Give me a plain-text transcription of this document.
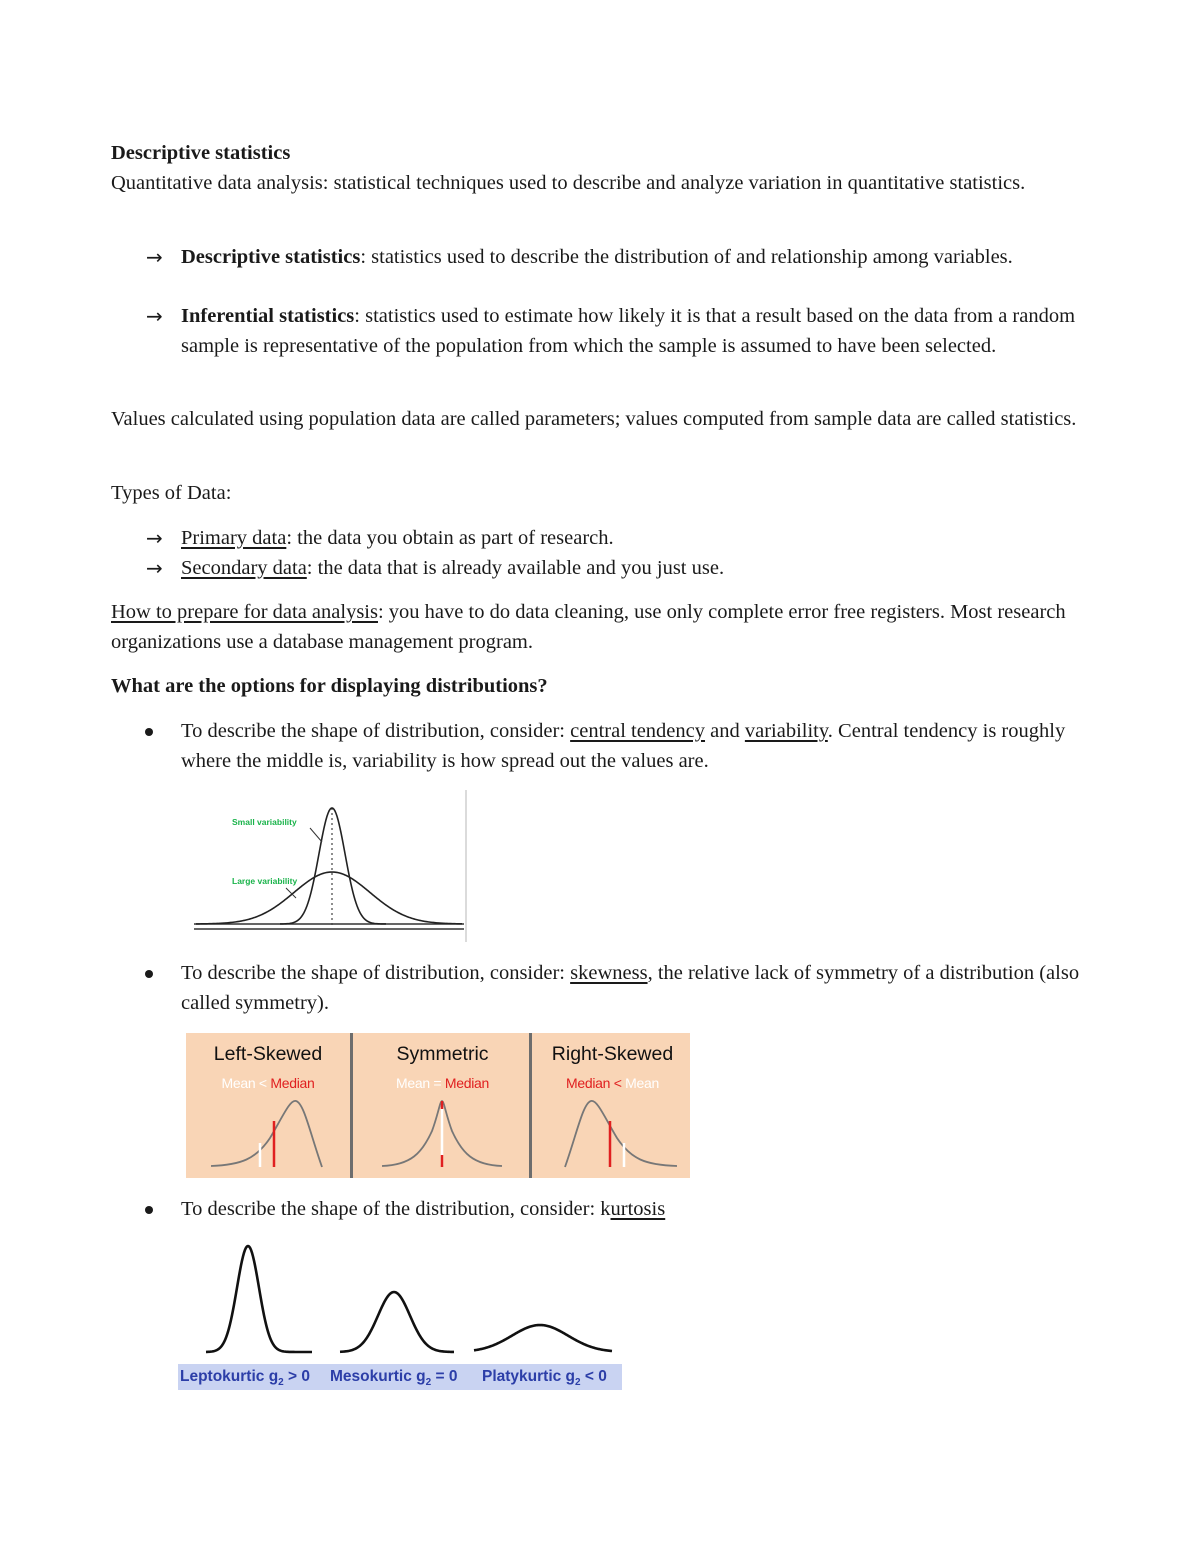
Descriptive statistics

Quantitative data analysis: statistical techniques used to describe and analyze variation in quantitative statistics.

→ Descriptive statistics: statistics used to describe the distribution of and relationship among variables.

→ Inferential statistics: statistics used to estimate how likely it is that a result based on the data from a random sample is representative of the population from which the sample is assumed to have been selected.

Values calculated using population data are called parameters; values computed from sample data are called statistics.

Types of Data:

→ Primary data: the data you obtain as part of research.

→ Secondary data: the data that is already available and you just use.

How to prepare for data analysis: you have to do data cleaning, use only complete error free registers. Most research organizations use a database management program.

What are the options for displaying distributions?

To describe the shape of distribution, consider: central tendency and variability. Central tendency is roughly where the middle is, variability is how spread out the values are.

Small variability
Large variability

To describe the shape of distribution, consider: skewness, the relative lack of symmetry of a distribution (also called symmetry).

Left-Skewed
Mean < Median
Symmetric
Mean = Median
Right-Skewed
Median < Mean

To describe the shape of the distribution, consider: kurtosis

Leptokurtic $g_2 > 0$ Mesokurtic $g_2 = 0$ Platykurtic $g_2 < 0$
